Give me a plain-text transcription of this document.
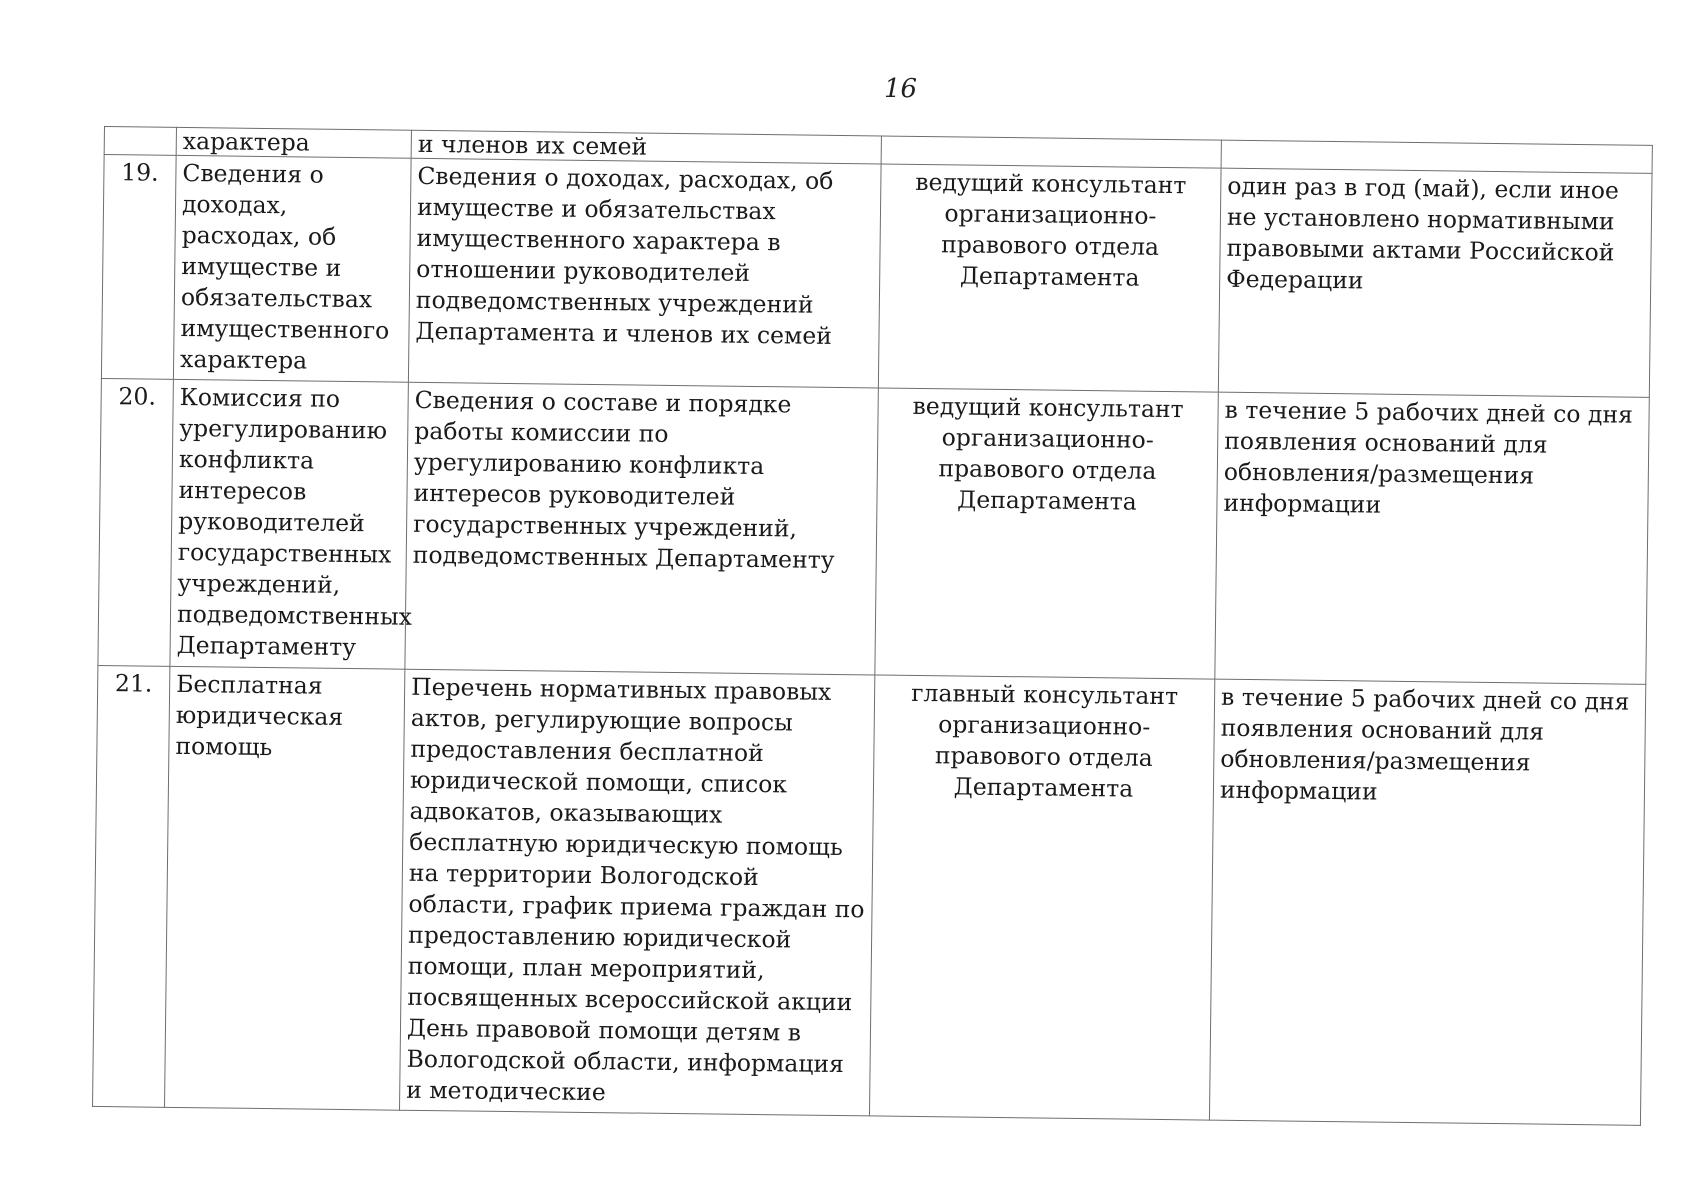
16
	характера	и членов их семей		
19.	Сведения о доходах, расходах, об имуществе и обязательствах имущественного характера	Сведения о доходах, расходах, об имуществе и обязательствах имущественного характера в отношении руководителей подведомственных учреждений Департамента и членов их семей	ведущий консультант организационно-правового отдела Департамента	один раз в год (май), если иное не установлено нормативными правовыми актами Российской Федерации
20.	Комиссия по урегулированию конфликта интересов руководителей государственных учреждений, подведомственных Департаменту	Сведения о составе и порядке работы комиссии по урегулированию конфликта интересов руководителей государственных учреждений, подведомственных Департаменту	ведущий консультант организационно-правового отдела Департамента	в течение 5 рабочих дней со дня появления оснований для обновления/размещения информации
21.	Бесплатная юридическая помощь	Перечень нормативных правовых актов, регулирующие вопросы предоставления бесплатной юридической помощи, список адвокатов, оказывающих бесплатную юридическую помощь на территории Вологодской области, график приема граждан по предоставлению юридической помощи, план мероприятий, посвященных всероссийской акции День правовой помощи детям в Вологодской области, информация и методические	главный консультант организационно-правового отдела Департамента	в течение 5 рабочих дней со дня появления оснований для обновления/размещения информации
